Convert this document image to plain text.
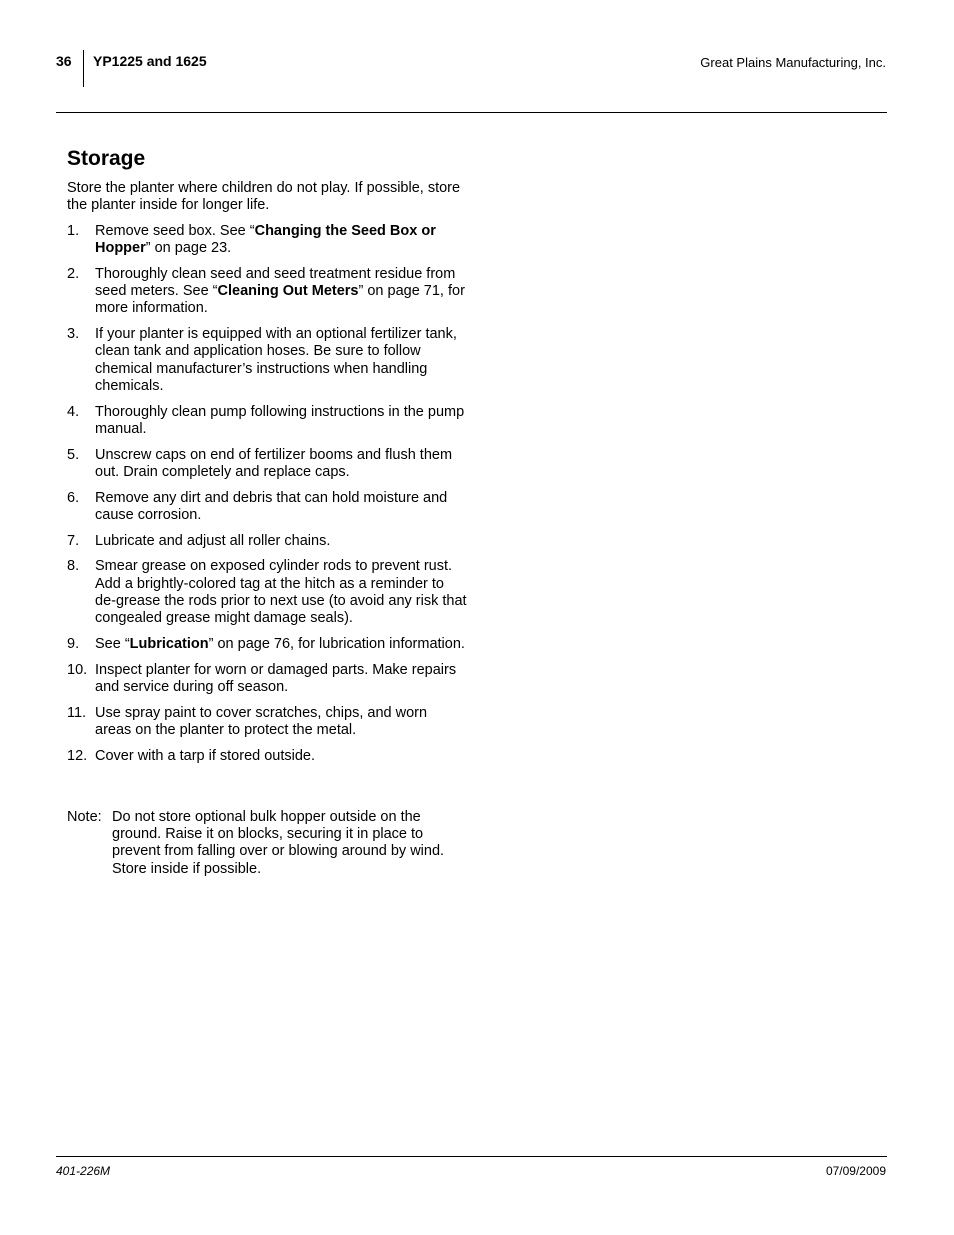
36 YP1225 and 1625	Great Plains Manufacturing, Inc.
Storage
Store the planter where children do not play. If possible, store the planter inside for longer life.
1. Remove seed box. See “Changing the Seed Box or Hopper” on page 23.
2. Thoroughly clean seed and seed treatment residue from seed meters. See “Cleaning Out Meters” on page 71, for more information.
3. If your planter is equipped with an optional fertilizer tank, clean tank and application hoses. Be sure to follow chemical manufacturer’s instructions when handling chemicals.
4. Thoroughly clean pump following instructions in the pump manual.
5. Unscrew caps on end of fertilizer booms and flush them out. Drain completely and replace caps.
6. Remove any dirt and debris that can hold moisture and cause corrosion.
7. Lubricate and adjust all roller chains.
8. Smear grease on exposed cylinder rods to prevent rust. Add a brightly-colored tag at the hitch as a reminder to de-grease the rods prior to next use (to avoid any risk that congealed grease might damage seals).
9. See “Lubrication” on page 76, for lubrication information.
10. Inspect planter for worn or damaged parts. Make repairs and service during off season.
11. Use spray paint to cover scratches, chips, and worn areas on the planter to protect the metal.
12. Cover with a tarp if stored outside.
Note: Do not store optional bulk hopper outside on the ground. Raise it on blocks, securing it in place to prevent from falling over or blowing around by wind. Store inside if possible.
401-226M	07/09/2009
